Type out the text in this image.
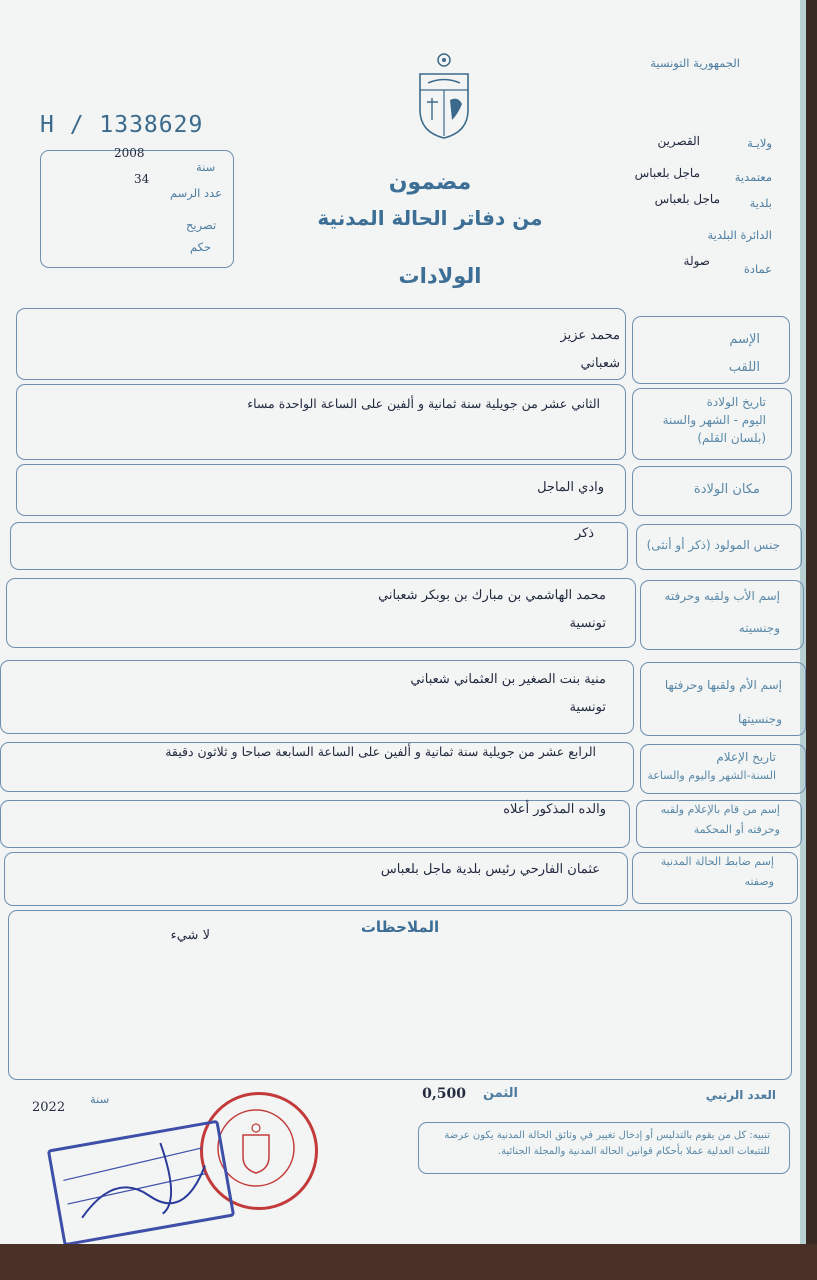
الجمهورية التونسية
H / 1338629
ولايـة
القصرين
معتمدية
ماجل بلعباس
بلدية
ماجل بلعباس
الدائرة البلدية
عمادة
صولة
2008
سنة
34
عدد الرسم
تصريح
حكم
مضمون
من دفاتر الحالة المدنية
الولادات
الإسم
اللقب
محمد عزيز
شعباني
تاريخ الولادة
اليوم - الشهر والسنة
(بلسان القلم)
الثاني عشر من جويلية سنة ثمانية و ألفين على الساعة الواحدة مساء
مكان الولادة
وادي الماجل
جنس المولود (ذكر أو أنثى)
ذكر
إسم الأب ولقبه وحرفته
وجنسيته
محمد الهاشمي بن مبارك بن بوبكر شعباني
تونسية
إسم الأم ولقبها وحرفتها
وجنسيتها
منية بنت الصغير بن العثماني شعباني
تونسية
تاريخ الإعلام
السنة-الشهر واليوم والساعة
الرابع عشر من جويلية سنة ثمانية و ألفين على الساعة السابعة صباحا و ثلاثون دقيقة
إسم من قام بالإعلام ولقبه
وحرفته أو المحكمة
والده المذكور أعلاه
إسم ضابط الحالة المدنية
وصفته
عثمان الفارحي رئيس بلدية ماجل بلعباس
الملاحظات
لا شيء
العدد الرتبي
الثمن
0,500
سنة
2022
تنبيه: كل من يقوم بالتدليس أو إدخال تغيير في وثائق الحالة المدنية يكون عرضة للتتبعات العدلية عملا بأحكام قوانين الحالة المدنية والمجلة الجنائية.
